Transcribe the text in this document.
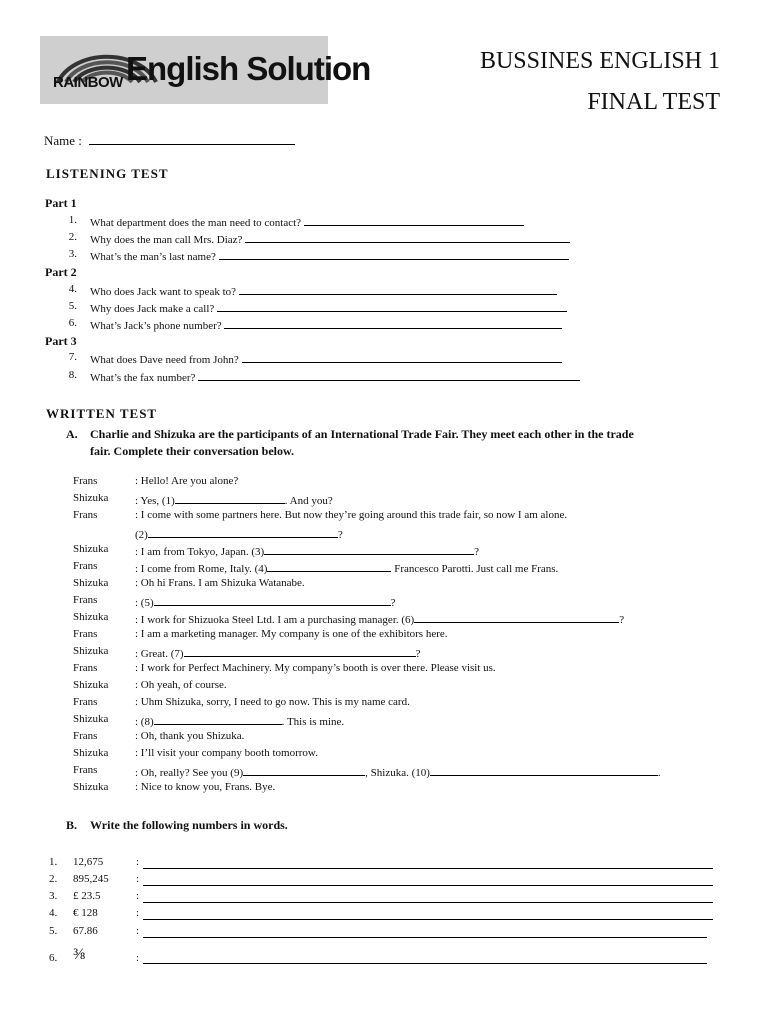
RAINBOW English Solution	BUSSINES ENGLISH 1
FINAL TEST
Name :
LISTENING TEST
Part 1
1. What department does the man need to contact?
2. Why does the man call Mrs. Diaz?
3. What’s the man’s last name?
Part 2
4. Who does Jack want to speak to?
5. Why does Jack make a call?
6. What’s Jack’s phone number?
Part 3
7. What does Dave need from John?
8. What’s the fax number?
WRITTEN TEST
A. Charlie and Shizuka are the participants of an International Trade Fair. They meet each other in the trade
fair. Complete their conversation below.
Frans	: Hello! Are you alone?
Shizuka : Yes, (1)	. And you?
Frans	: I come with some partners here. But now they’re going around this trade fair, so now I am alone.
(2)	?
Shizuka : I am from Tokyo, Japan. (3)	?
Frans	: I come from Rome, Italy. (4)	Francesco Parotti. Just call me Frans.
Shizuka : Oh hi Frans. I am Shizuka Watanabe.
Frans	: (5)	?
Shizuka : I work for Shizuoka Steel Ltd. I am a purchasing manager. (6)	?
Frans	: I am a marketing manager. My company is one of the exhibitors here.
Shizuka : Great. (7)	?
Frans	: I work for Perfect Machinery. My company’s booth is over there. Please visit us.
Shizuka : Oh yeah, of course.
Frans	: Uhm Shizuka, sorry, I need to go now. This is my name card.
Shizuka : (8)	. This is mine.
Frans	: Oh, thank you Shizuka.
Shizuka : I’ll visit your company booth tomorrow.
Frans	: Oh, really? See you (9)	, Shizuka. (10)	.
Shizuka : Nice to know you, Frans. Bye.
B. Write the following numbers in words.
1. 12,675	:
2. 895,245 :
3. £ 23.5	:
4. € 128	:
5. 67.86	:
6. ⅜	:
